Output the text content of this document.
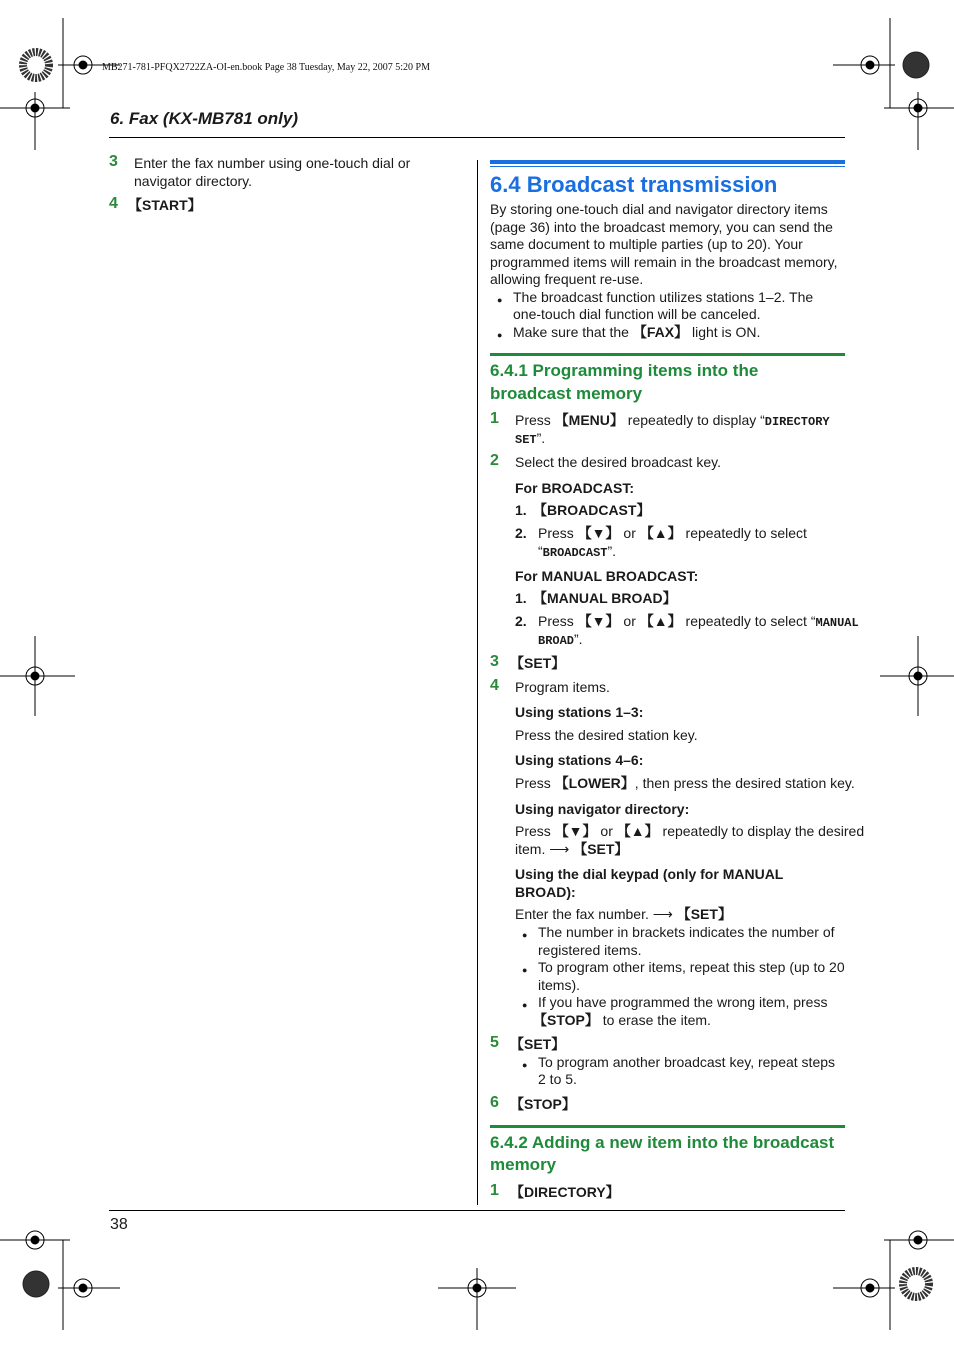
MB271-781-PFQX2722ZA-OI-en.book Page 38 Tuesday, May 22, 2007 5:20 PM
6. Fax (KX-MB781 only)
3 Enter the fax number using one-touch dial or
navigator directory.
4 【START】
6.4 Broadcast transmission
By storing one-touch dial and navigator directory items
(page 36) into the broadcast memory, you can send the
same document to multiple parties (up to 20). Your
programmed items will remain in the broadcast memory,
allowing frequent re-use.
● The broadcast function utilizes stations 1–2. The
one-touch dial function will be canceled.
● Make sure that the 【FAX】 light is ON.
6.4.1 Programming items into the
broadcast memory
1 Press 【MENU】 repeatedly to display “DIRECTORY
SET”.
2 Select the desired broadcast key.
For BROADCAST:
1. 【BROADCAST】
2. Press 【▼】 or 【▲】 repeatedly to select
“BROADCAST”.
For MANUAL BROADCAST:
1. 【MANUAL BROAD】
2. Press 【▼】 or 【▲】 repeatedly to select “MANUAL
BROAD”.
3 【SET】
4 Program items.
Using stations 1–3:
Press the desired station key.
Using stations 4–6:
Press 【LOWER】, then press the desired station key.
Using navigator directory:
Press 【▼】 or 【▲】 repeatedly to display the desired
item. ⟶ 【SET】
Using the dial keypad (only for MANUAL
BROAD):
Enter the fax number. ⟶ 【SET】
● The number in brackets indicates the number of
registered items.
● To program other items, repeat this step (up to 20
items).
● If you have programmed the wrong item, press
【STOP】 to erase the item.
5 【SET】
● To program another broadcast key, repeat steps
2 to 5.
6 【STOP】
6.4.2 Adding a new item into the broadcast
memory
1 【DIRECTORY】
38
